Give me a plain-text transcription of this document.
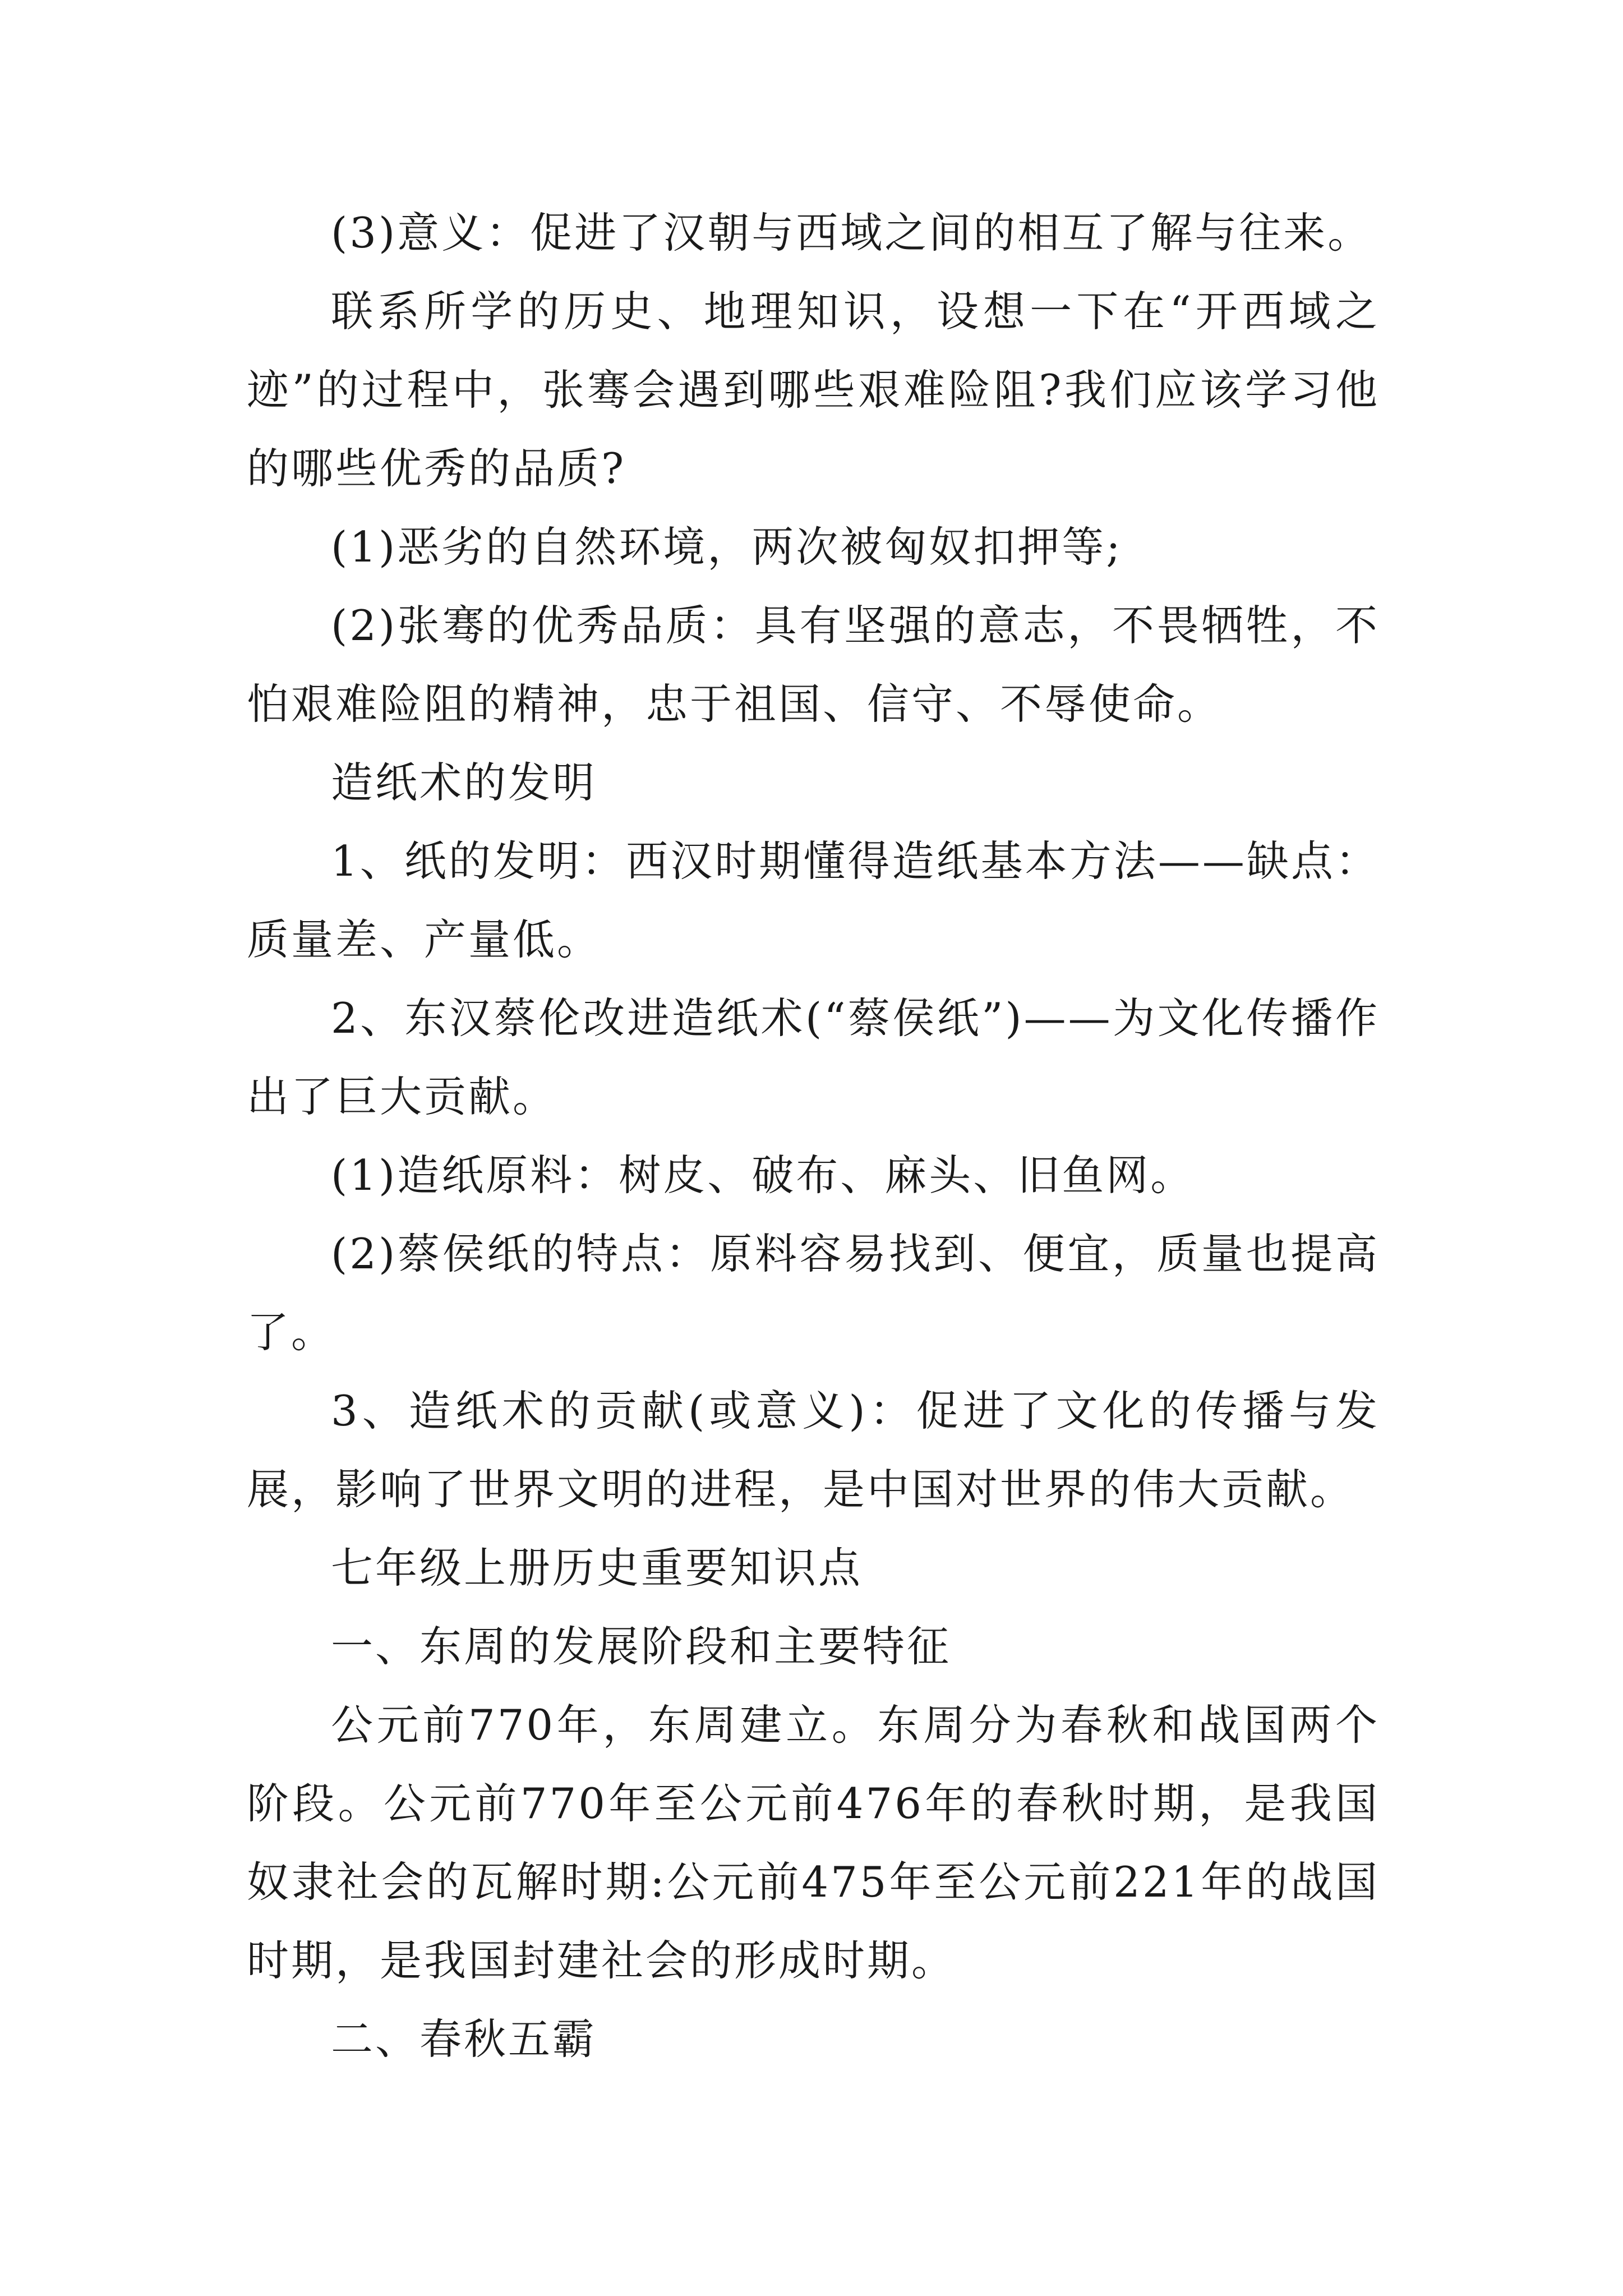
(3)意义：促进了汉朝与西域之间的相互了解与往来。

联系所学的历史、地理知识，设想一下在“开西域之迹”的过程中，张骞会遇到哪些艰难险阻?我们应该学习他的哪些优秀的品质?

(1)恶劣的自然环境，两次被匈奴扣押等;

(2)张骞的优秀品质：具有坚强的意志，不畏牺牲，不怕艰难险阻的精神，忠于祖国、信守、不辱使命。

造纸术的发明

1、纸的发明：西汉时期懂得造纸基本方法——缺点：质量差、产量低。

2、东汉蔡伦改进造纸术(“蔡侯纸”)——为文化传播作出了巨大贡献。

(1)造纸原料：树皮、破布、麻头、旧鱼网。

(2)蔡侯纸的特点：原料容易找到、便宜，质量也提高了。

3、造纸术的贡献(或意义)：促进了文化的传播与发展，影响了世界文明的进程，是中国对世界的伟大贡献。

七年级上册历史重要知识点

一、东周的发展阶段和主要特征

公元前770年，东周建立。东周分为春秋和战国两个阶段。公元前770年至公元前476年的春秋时期，是我国奴隶社会的瓦解时期:公元前475年至公元前221年的战国时期，是我国封建社会的形成时期。

二、春秋五霸
